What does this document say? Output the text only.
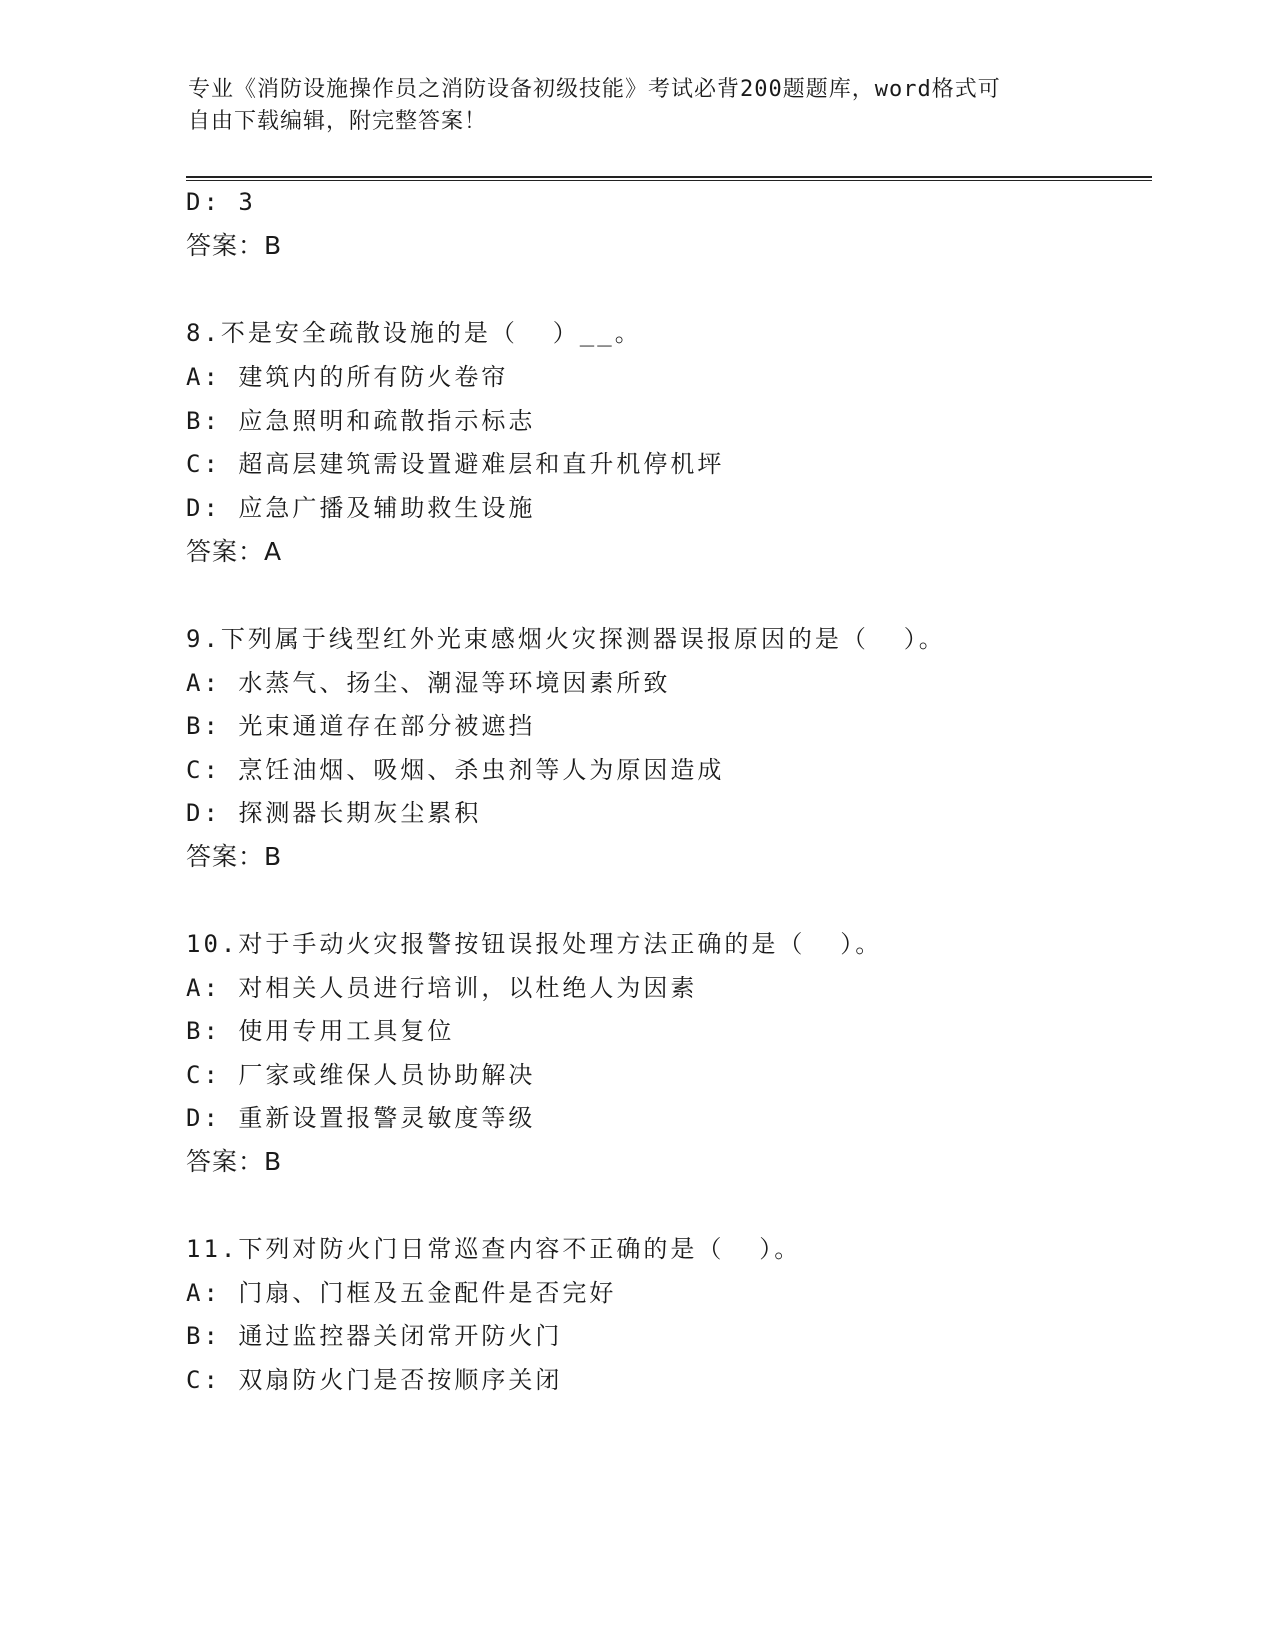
专业《消防设施操作员之消防设备初级技能》考试必背200题题库，word格式可
自由下载编辑，附完整答案！
D: 3
答案：B
8.不是安全疏散设施的是（  ）__。
A: 建筑内的所有防火卷帘
B: 应急照明和疏散指示标志
C: 超高层建筑需设置避难层和直升机停机坪
D: 应急广播及辅助救生设施
答案：A
9.下列属于线型红外光束感烟火灾探测器误报原因的是（  ）。
A: 水蒸气、扬尘、潮湿等环境因素所致
B: 光束通道存在部分被遮挡
C: 烹饪油烟、吸烟、杀虫剂等人为原因造成
D: 探测器长期灰尘累积
答案：B
10.对于手动火灾报警按钮误报处理方法正确的是（  ）。
A: 对相关人员进行培训，以杜绝人为因素
B: 使用专用工具复位
C: 厂家或维保人员协助解决
D: 重新设置报警灵敏度等级
答案：B
11.下列对防火门日常巡查内容不正确的是（  ）。
A: 门扇、门框及五金配件是否完好
B: 通过监控器关闭常开防火门
C: 双扇防火门是否按顺序关闭
